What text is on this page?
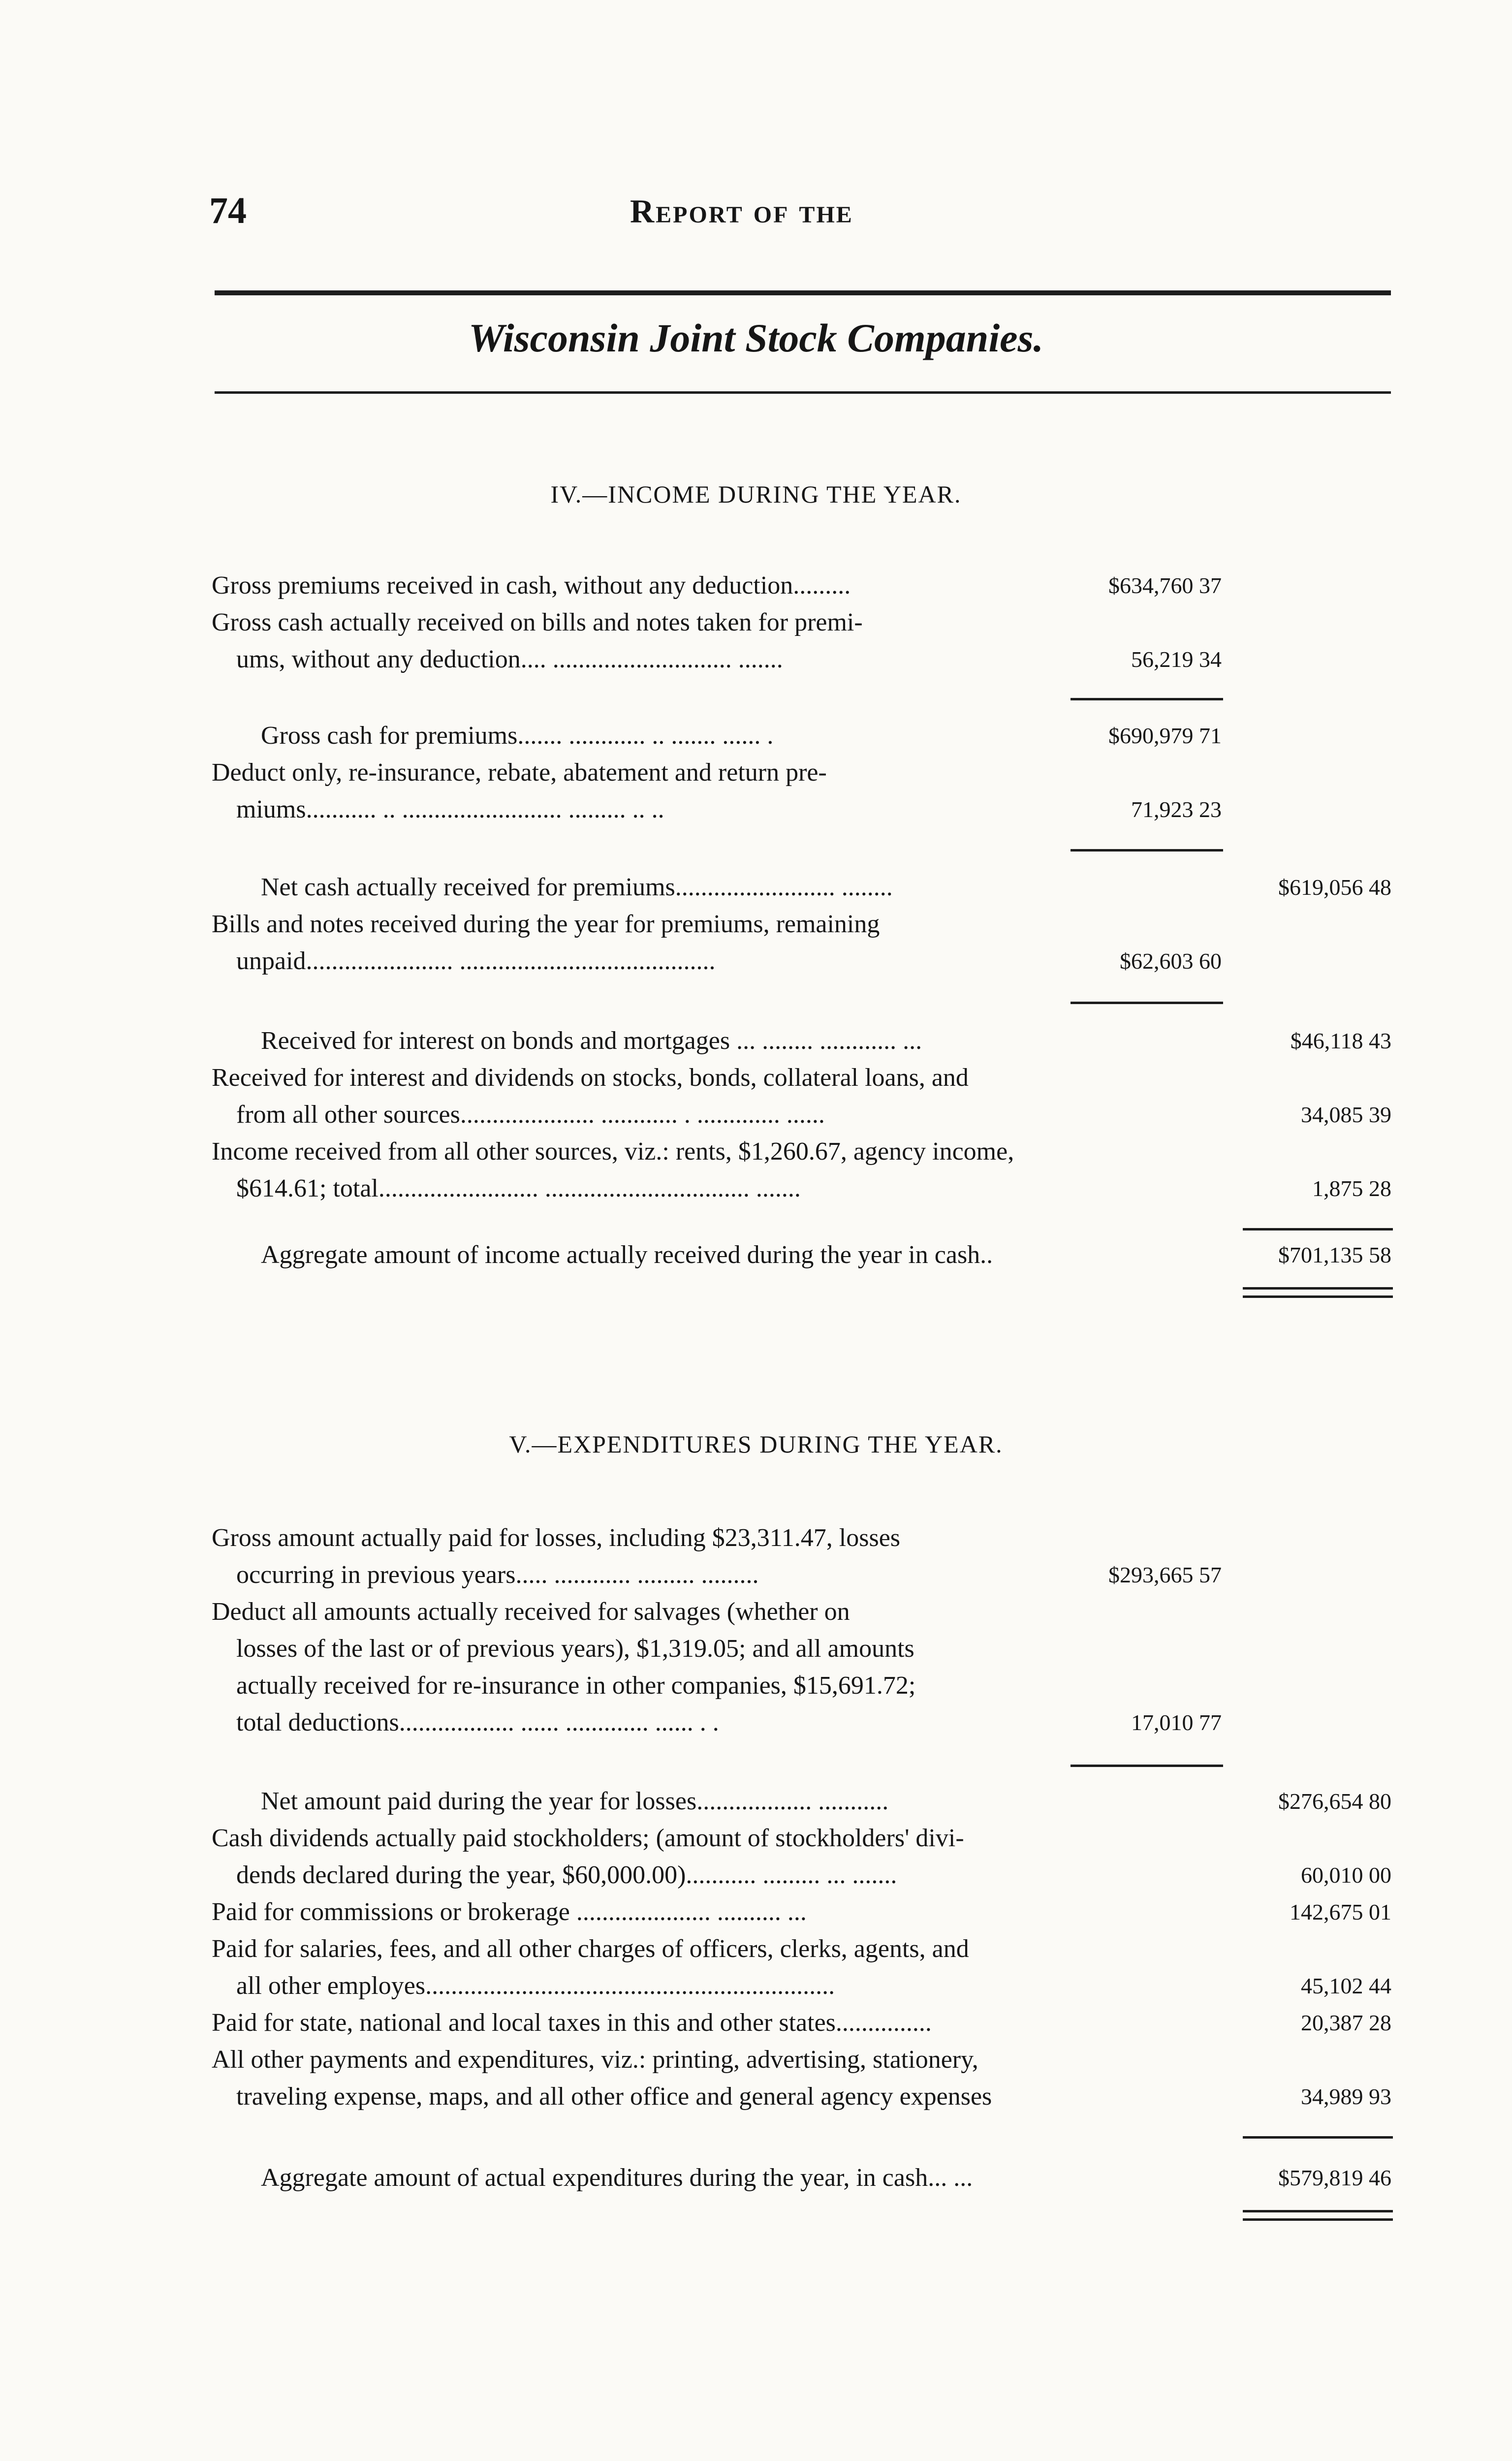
74	Report of the
Wisconsin Joint Stock Companies.
IV.—INCOME DURING THE YEAR.
Gross premiums received in cash, without any deduction.........	$634,760 37
Gross cash actually received on bills and notes taken for premi-
ums, without any deduction.... ............................ .......	56,219 34
Gross cash for premiums....... ............ .. ....... ...... .	$690,979 71
Deduct only, re-insurance, rebate, abatement and return pre-
miums........... .. ......................... ......... .. ..	71,923 23
Net cash actually received for premiums......................... ........	$619,056 48
Bills and notes received during the year for premiums, remaining
unpaid....................... ........................................	$62,603 60
Received for interest on bonds and mortgages ... ........ ............ ...	$46,118 43
Received for interest and dividends on stocks, bonds, collateral loans, and
from all other sources..................... ............ . ............. ......	34,085 39
Income received from all other sources, viz.: rents, $1,260.67, agency income,
$614.61; total......................... ................................ .......	1,875 28
Aggregate amount of income actually received during the year in cash..	$701,135 58
V.—EXPENDITURES DURING THE YEAR.
Gross amount actually paid for losses, including $23,311.47, losses
occurring in previous years..... ............ ......... .........	$293,665 57
Deduct all amounts actually received for salvages (whether on
losses of the last or of previous years), $1,319.05; and all amounts
actually received for re-insurance in other companies, $15,691.72;
total deductions.................. ...... ............. ...... . .	17,010 77
Net amount paid during the year for losses.................. ...........	$276,654 80
Cash dividends actually paid stockholders; (amount of stockholders' divi-
dends declared during the year, $60,000.00)........... ......... ... .......	60,010 00
Paid for commissions or brokerage ..................... .......... ...	142,675 01
Paid for salaries, fees, and all other charges of officers, clerks, agents, and
all other employes................................................................	45,102 44
Paid for state, national and local taxes in this and other states...............	20,387 28
All other payments and expenditures, viz.: printing, advertising, stationery,
traveling expense, maps, and all other office and general agency expenses	34,989 93
Aggregate amount of actual expenditures during the year, in cash... ...	$579,819 46
